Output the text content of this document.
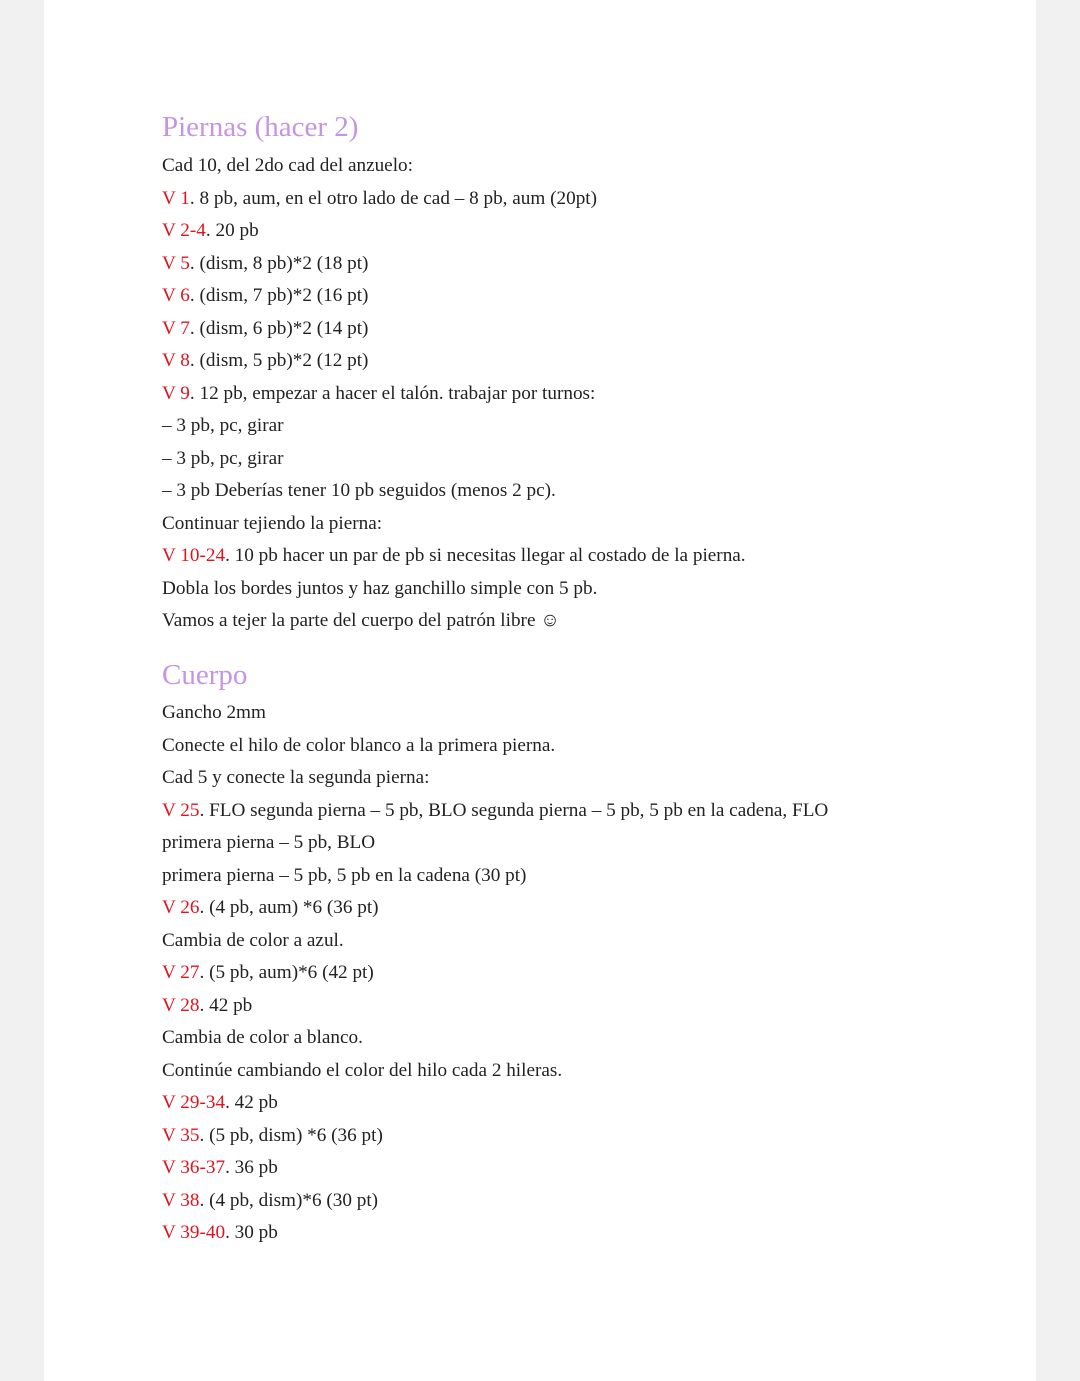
Piernas (hacer 2)
Cad 10, del 2do cad del anzuelo:
V 1. 8 pb, aum, en el otro lado de cad – 8 pb, aum (20pt)
V 2-4. 20 pb
V 5. (dism, 8 pb)*2 (18 pt)
V 6. (dism, 7 pb)*2 (16 pt)
V 7. (dism, 6 pb)*2 (14 pt)
V 8. (dism, 5 pb)*2 (12 pt)
V 9. 12 pb, empezar a hacer el talón. trabajar por turnos:
– 3 pb, pc, girar
– 3 pb, pc, girar
– 3 pb Deberías tener 10 pb seguidos (menos 2 pc).
Continuar tejiendo la pierna:
V 10-24. 10 pb hacer un par de pb si necesitas llegar al costado de la pierna.
Dobla los bordes juntos y haz ganchillo simple con 5 pb.
Vamos a tejer la parte del cuerpo del patrón libre ☺
Cuerpo
Gancho 2mm
Conecte el hilo de color blanco a la primera pierna.
Cad 5 y conecte la segunda pierna:
V 25. FLO segunda pierna – 5 pb, BLO segunda pierna – 5 pb, 5 pb en la cadena, FLO
primera pierna – 5 pb, BLO
primera pierna – 5 pb, 5 pb en la cadena (30 pt)
V 26. (4 pb, aum) *6 (36 pt)
Cambia de color a azul.
V 27. (5 pb, aum)*6 (42 pt)
V 28. 42 pb
Cambia de color a blanco.
Continúe cambiando el color del hilo cada 2 hileras.
V 29-34. 42 pb
V 35. (5 pb, dism) *6 (36 pt)
V 36-37. 36 pb
V 38. (4 pb, dism)*6 (30 pt)
V 39-40. 30 pb
